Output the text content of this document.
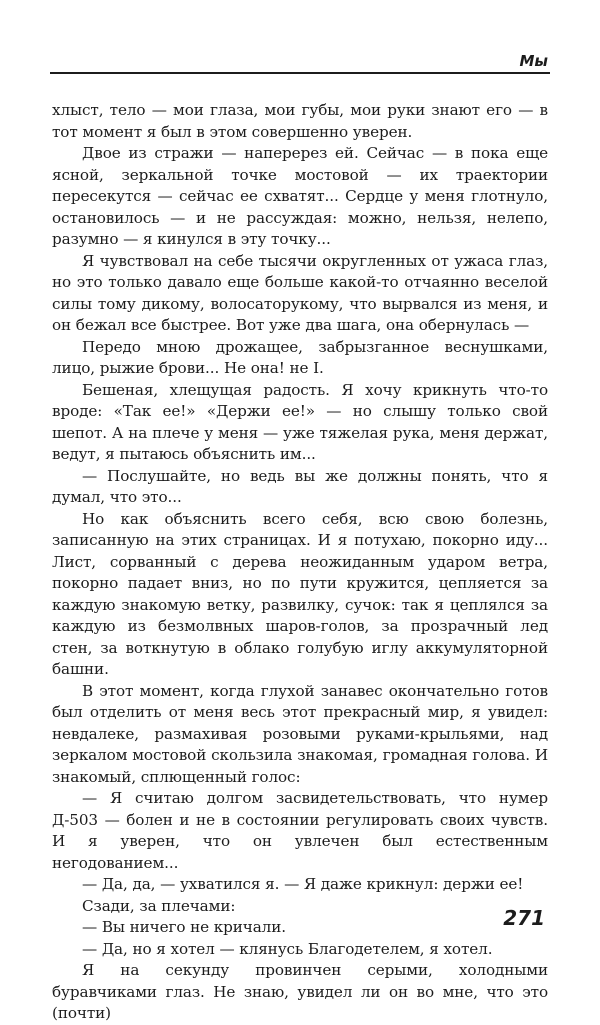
Мы

хлыст, тело — мои глаза, мои губы, мои руки знают его — в тот момент я был в этом совершенно уверен.

Двое из стражи — наперерез ей. Сейчас — в пока еще ясной, зеркальной точке мостовой — их траектории пересекутся — сейчас ее схватят... Сердце у меня глотнуло, остановилось — и не рассуждая: можно, нельзя, нелепо, разумно — я кинулся в эту точку...

Я чувствовал на себе тысячи округленных от ужаса глаз, но это только давало еще больше какой-то отчаянно веселой силы тому дикому, волосаторукому, что вырвался из меня, и он бежал все быстрее. Вот уже два шага, она обернулась —

Передо мною дрожащее, забрызганное веснушками, лицо, рыжие брови... Не она! не I.

Бешеная, хлещущая радость. Я хочу крикнуть что-то вроде: «Так ее!» «Держи ее!» — но слышу только свой шепот. А на плече у меня — уже тяжелая рука, меня держат, ведут, я пытаюсь объяснить им...

— Послушайте, но ведь вы же должны понять, что я думал, что это...

Но как объяснить всего себя, всю свою болезнь, записанную на этих страницах. И я потухаю, покорно иду... Лист, сорванный с дерева неожиданным ударом ветра, покорно падает вниз, но по пути кружится, цепляется за каждую знакомую ветку, развилку, сучок: так я цеплялся за каждую из безмолвных шаров-голов, за прозрачный лед стен, за воткнутую в облако голубую иглу аккумуляторной башни.

В этот момент, когда глухой занавес окончательно готов был отделить от меня весь этот прекрасный мир, я увидел: невдалеке, размахивая розовыми руками-крыльями, над зеркалом мостовой скользила знакомая, громадная голова. И знакомый, сплющенный голос:

— Я считаю долгом засвидетельствовать, что нумер Д-503 — болен и не в состоянии регулировать своих чувств. И я уверен, что он увлечен был естественным негодованием...

— Да, да, — ухватился я. — Я даже крикнул: держи ее!

Сзади, за плечами:

— Вы ничего не кричали.

— Да, но я хотел — клянусь Благодетелем, я хотел.

Я на секунду провинчен серыми, холодными буравчиками глаз. Не знаю, увидел ли он во мне, что это (почти)

271
